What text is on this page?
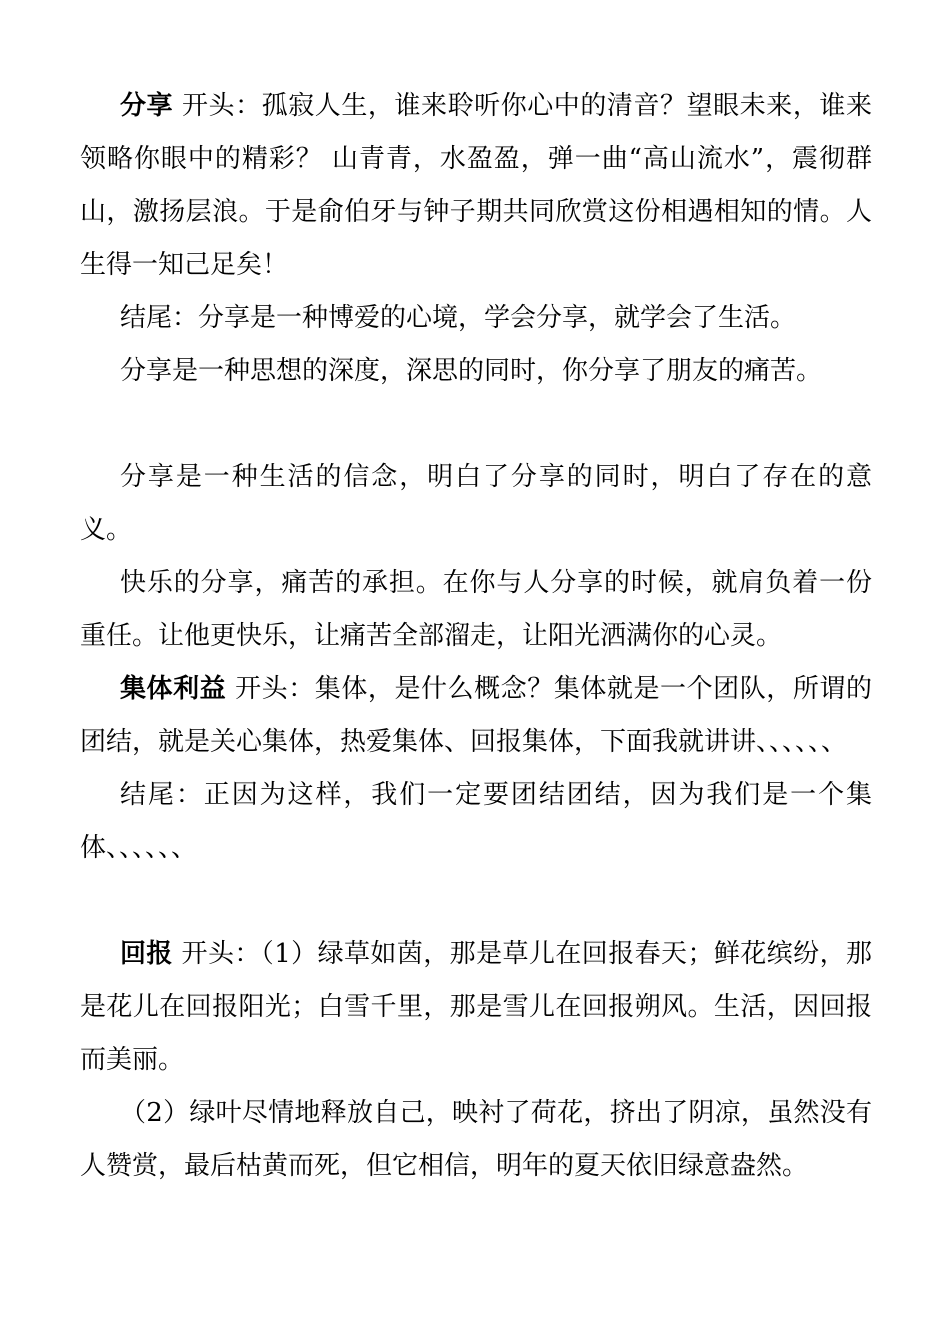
分享 开头：孤寂人生，谁来聆听你心中的清音？望眼未来，谁来领略你眼中的精彩？ 山青青，水盈盈，弹一曲“高山流水”，震彻群山，激扬层浪。于是俞伯牙与钟子期共同欣赏这份相遇相知的情。人生得一知己足矣！

结尾：分享是一种博爱的心境，学会分享，就学会了生活。

分享是一种思想的深度，深思的同时，你分享了朋友的痛苦。

分享是一种生活的信念，明白了分享的同时，明白了存在的意义。

快乐的分享，痛苦的承担。在你与人分享的时候，就肩负着一份重任。让他更快乐，让痛苦全部溜走，让阳光洒满你的心灵。

集体利益 开头：集体，是什么概念？集体就是一个团队，所谓的团结，就是关心集体，热爱集体、回报集体，下面我就讲讲、、、、、、

结尾：正因为这样，我们一定要团结团结，因为我们是一个集体、、、、、、

回报 开头：（1）绿草如茵，那是草儿在回报春天；鲜花缤纷，那是花儿在回报阳光；白雪千里，那是雪儿在回报朔风。生活，因回报而美丽。

（2）绿叶尽情地释放自己，映衬了荷花，挤出了阴凉，虽然没有人赞赏，最后枯黄而死，但它相信，明年的夏天依旧绿意盎然。
